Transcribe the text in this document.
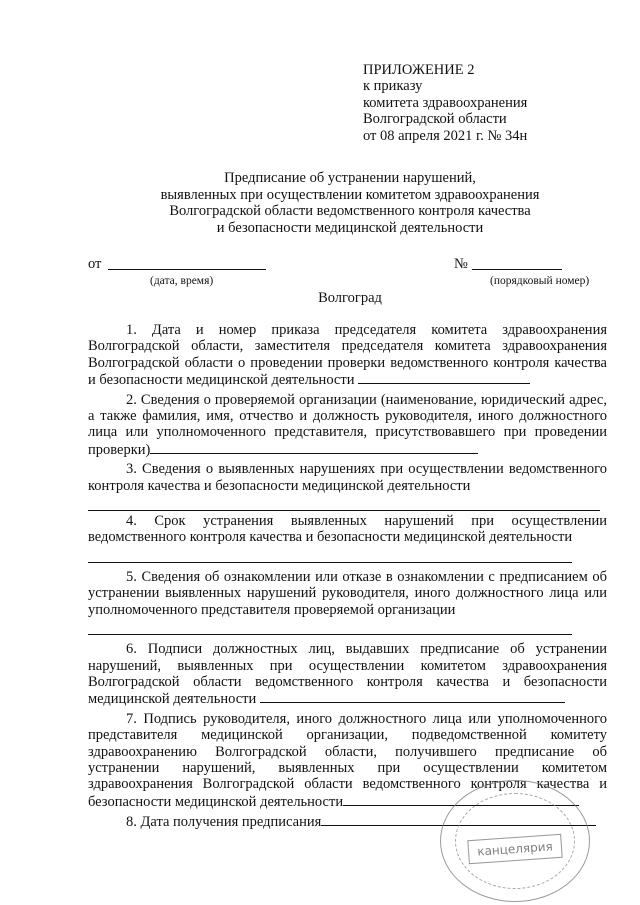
ПРИЛОЖЕНИЕ 2
к приказу
комитета здравоохранения
Волгоградской области
от 08 апреля 2021 г. № 34н
Предписание об устранении нарушений,
выявленных при осуществлении комитетом здравоохранения
Волгоградской области ведомственного контроля качества
и безопасности медицинской деятельности
от	№
(дата, время)	(порядковый номер)
Волгоград

1. Дата и номер приказа председателя комитета здравоохранения Волгоградской области, заместителя председателя комитета здравоохранения Волгоградской области о проведении проверки ведомственного контроля качества и безопасности медицинской деятельности

2. Сведения о проверяемой организации (наименование, юридический адрес, а также фамилия, имя, отчество и должность руководителя, иного должностного лица или уполномоченного представителя, присутствовавшего при проведении проверки)

3. Сведения о выявленных нарушениях при осуществлении ведомственного контроля качества и безопасности медицинской деятельности

4. Срок устранения выявленных нарушений при осуществлении ведомственного контроля качества и безопасности медицинской деятельности

5. Сведения об ознакомлении или отказе в ознакомлении с предписанием об устранении выявленных нарушений руководителя, иного должностного лица или уполномоченного представителя проверяемой организации

6. Подписи должностных лиц, выдавших предписание об устранении нарушений, выявленных при осуществлении комитетом здравоохранения Волгоградской области ведомственного контроля качества и безопасности медицинской деятельности

7. Подпись руководителя, иного должностного лица или уполномоченного представителя медицинской организации, подведомственной комитету здравоохранению Волгоградской области, получившего предписание об устранении нарушений, выявленных при осуществлении комитетом здравоохранения Волгоградской области ведомственного контроля качества и безопасности медицинской деятельности

8. Дата получения предписания

канцелярия
